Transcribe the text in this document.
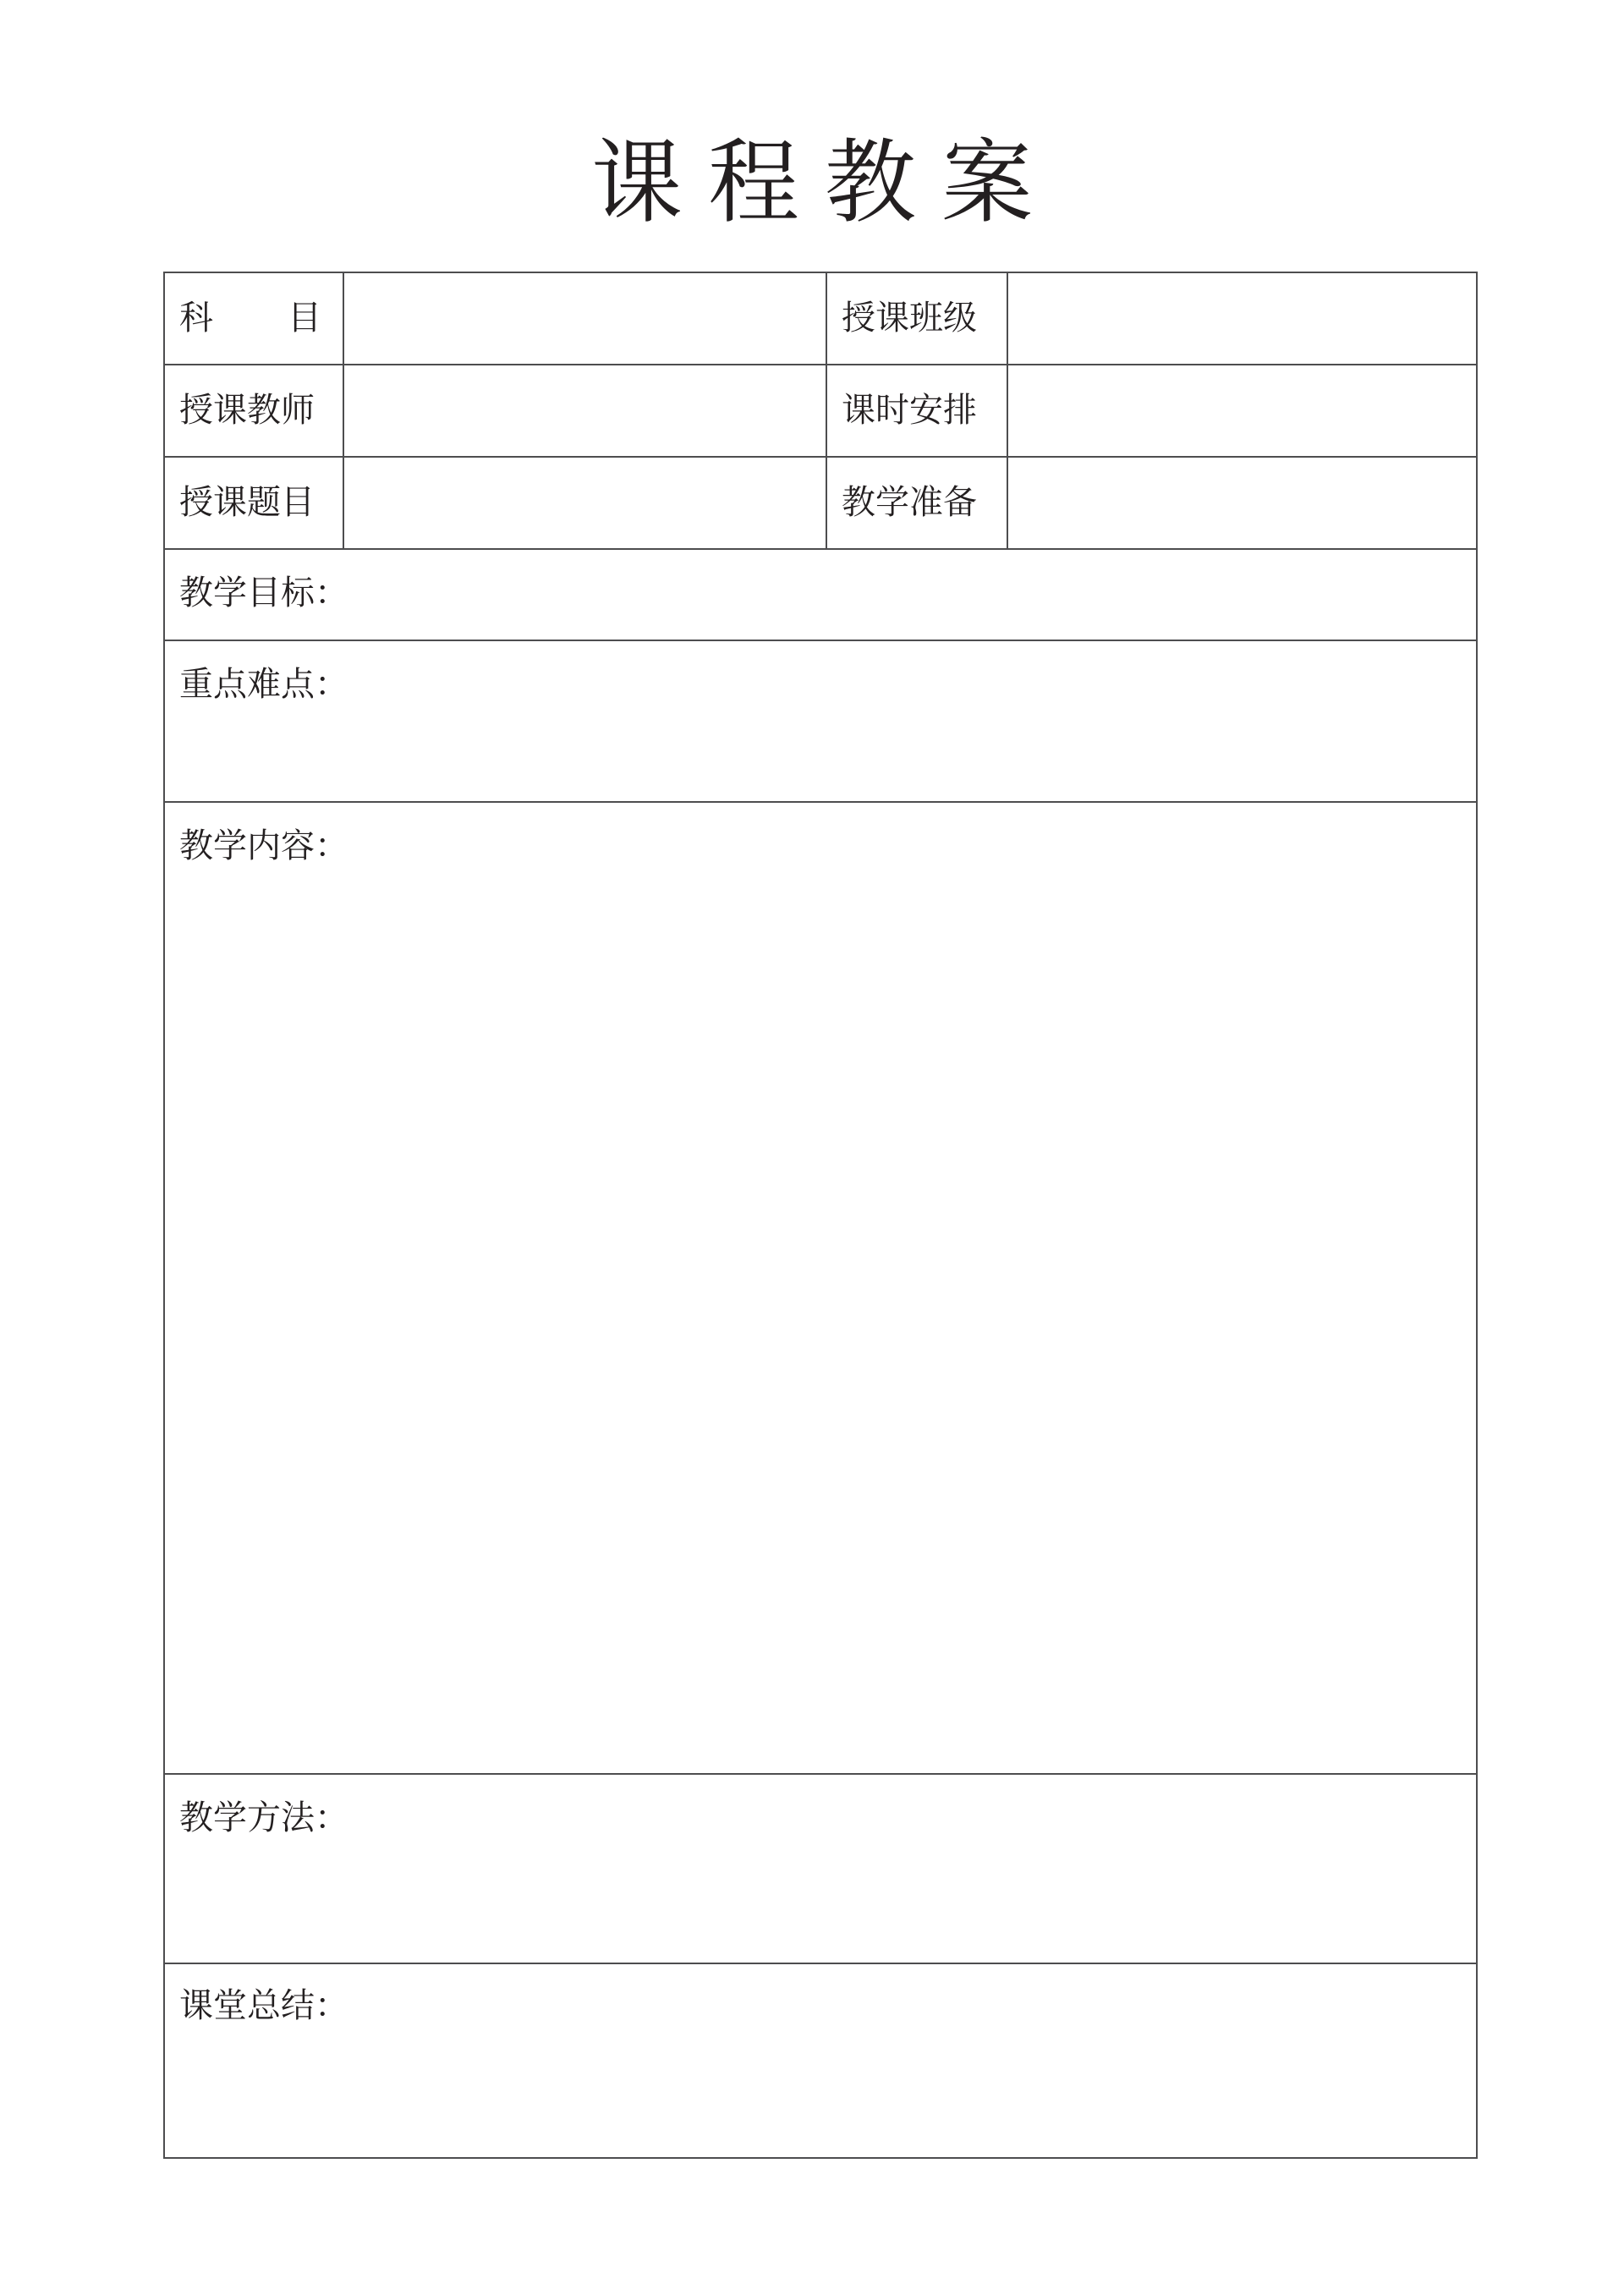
课程教案
科　目	授课班级
授课教师	课时安排
授课题目	教学准备
教学目标：
重点难点：
教学内容：
教学方法：
课堂总结：
